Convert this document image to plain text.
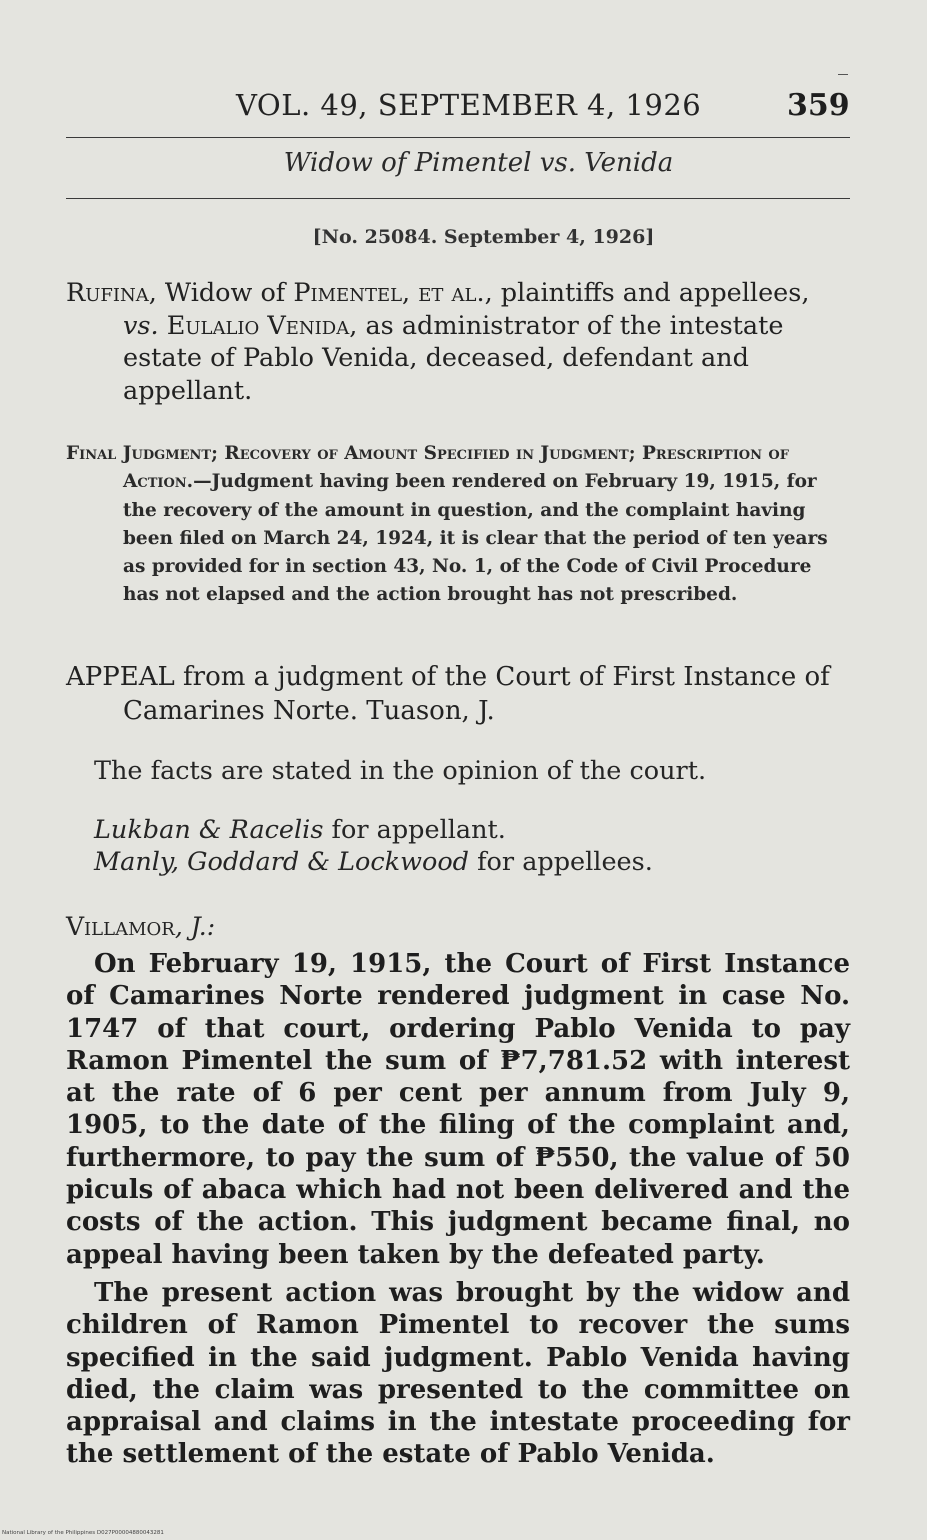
VOL. 49, SEPTEMBER 4, 1926	359
Widow of Pimentel vs. Venida
[No. 25084. September 4, 1926]
Rufina, Widow of Pimentel, et al., plaintiffs and appellees, vs. Eulalio Venida, as administrator of the intestate estate of Pablo Venida, deceased, defendant and appellant.
Final Judgment; Recovery of Amount Specified in Judgment; Prescription of Action.—Judgment having been rendered on February 19, 1915, for the recovery of the amount in question, and the complaint having been filed on March 24, 1924, it is clear that the period of ten years as provided for in section 43, No. 1, of the Code of Civil Procedure has not elapsed and the action brought has not prescribed.
APPEAL from a judgment of the Court of First Instance of Camarines Norte. Tuason, J.
The facts are stated in the opinion of the court.
Lukban & Racelis for appellant.
Manly, Goddard & Lockwood for appellees.
Villamor, J.:

On February 19, 1915, the Court of First Instance of Camarines Norte rendered judgment in case No. 1747 of that court, ordering Pablo Venida to pay Ramon Pimentel the sum of ₱7,781.52 with interest at the rate of 6 per cent per annum from July 9, 1905, to the date of the filing of the complaint and, furthermore, to pay the sum of ₱550, the value of 50 piculs of abaca which had not been delivered and the costs of the action. This judgment became final, no appeal having been taken by the defeated party.

The present action was brought by the widow and children of Ramon Pimentel to recover the sums specified in the said judgment. Pablo Venida having died, the claim was presented to the committee on appraisal and claims in the intestate proceeding for the settlement of the estate of Pablo Venida.

National Library of the Philippines D027P00004880043281
